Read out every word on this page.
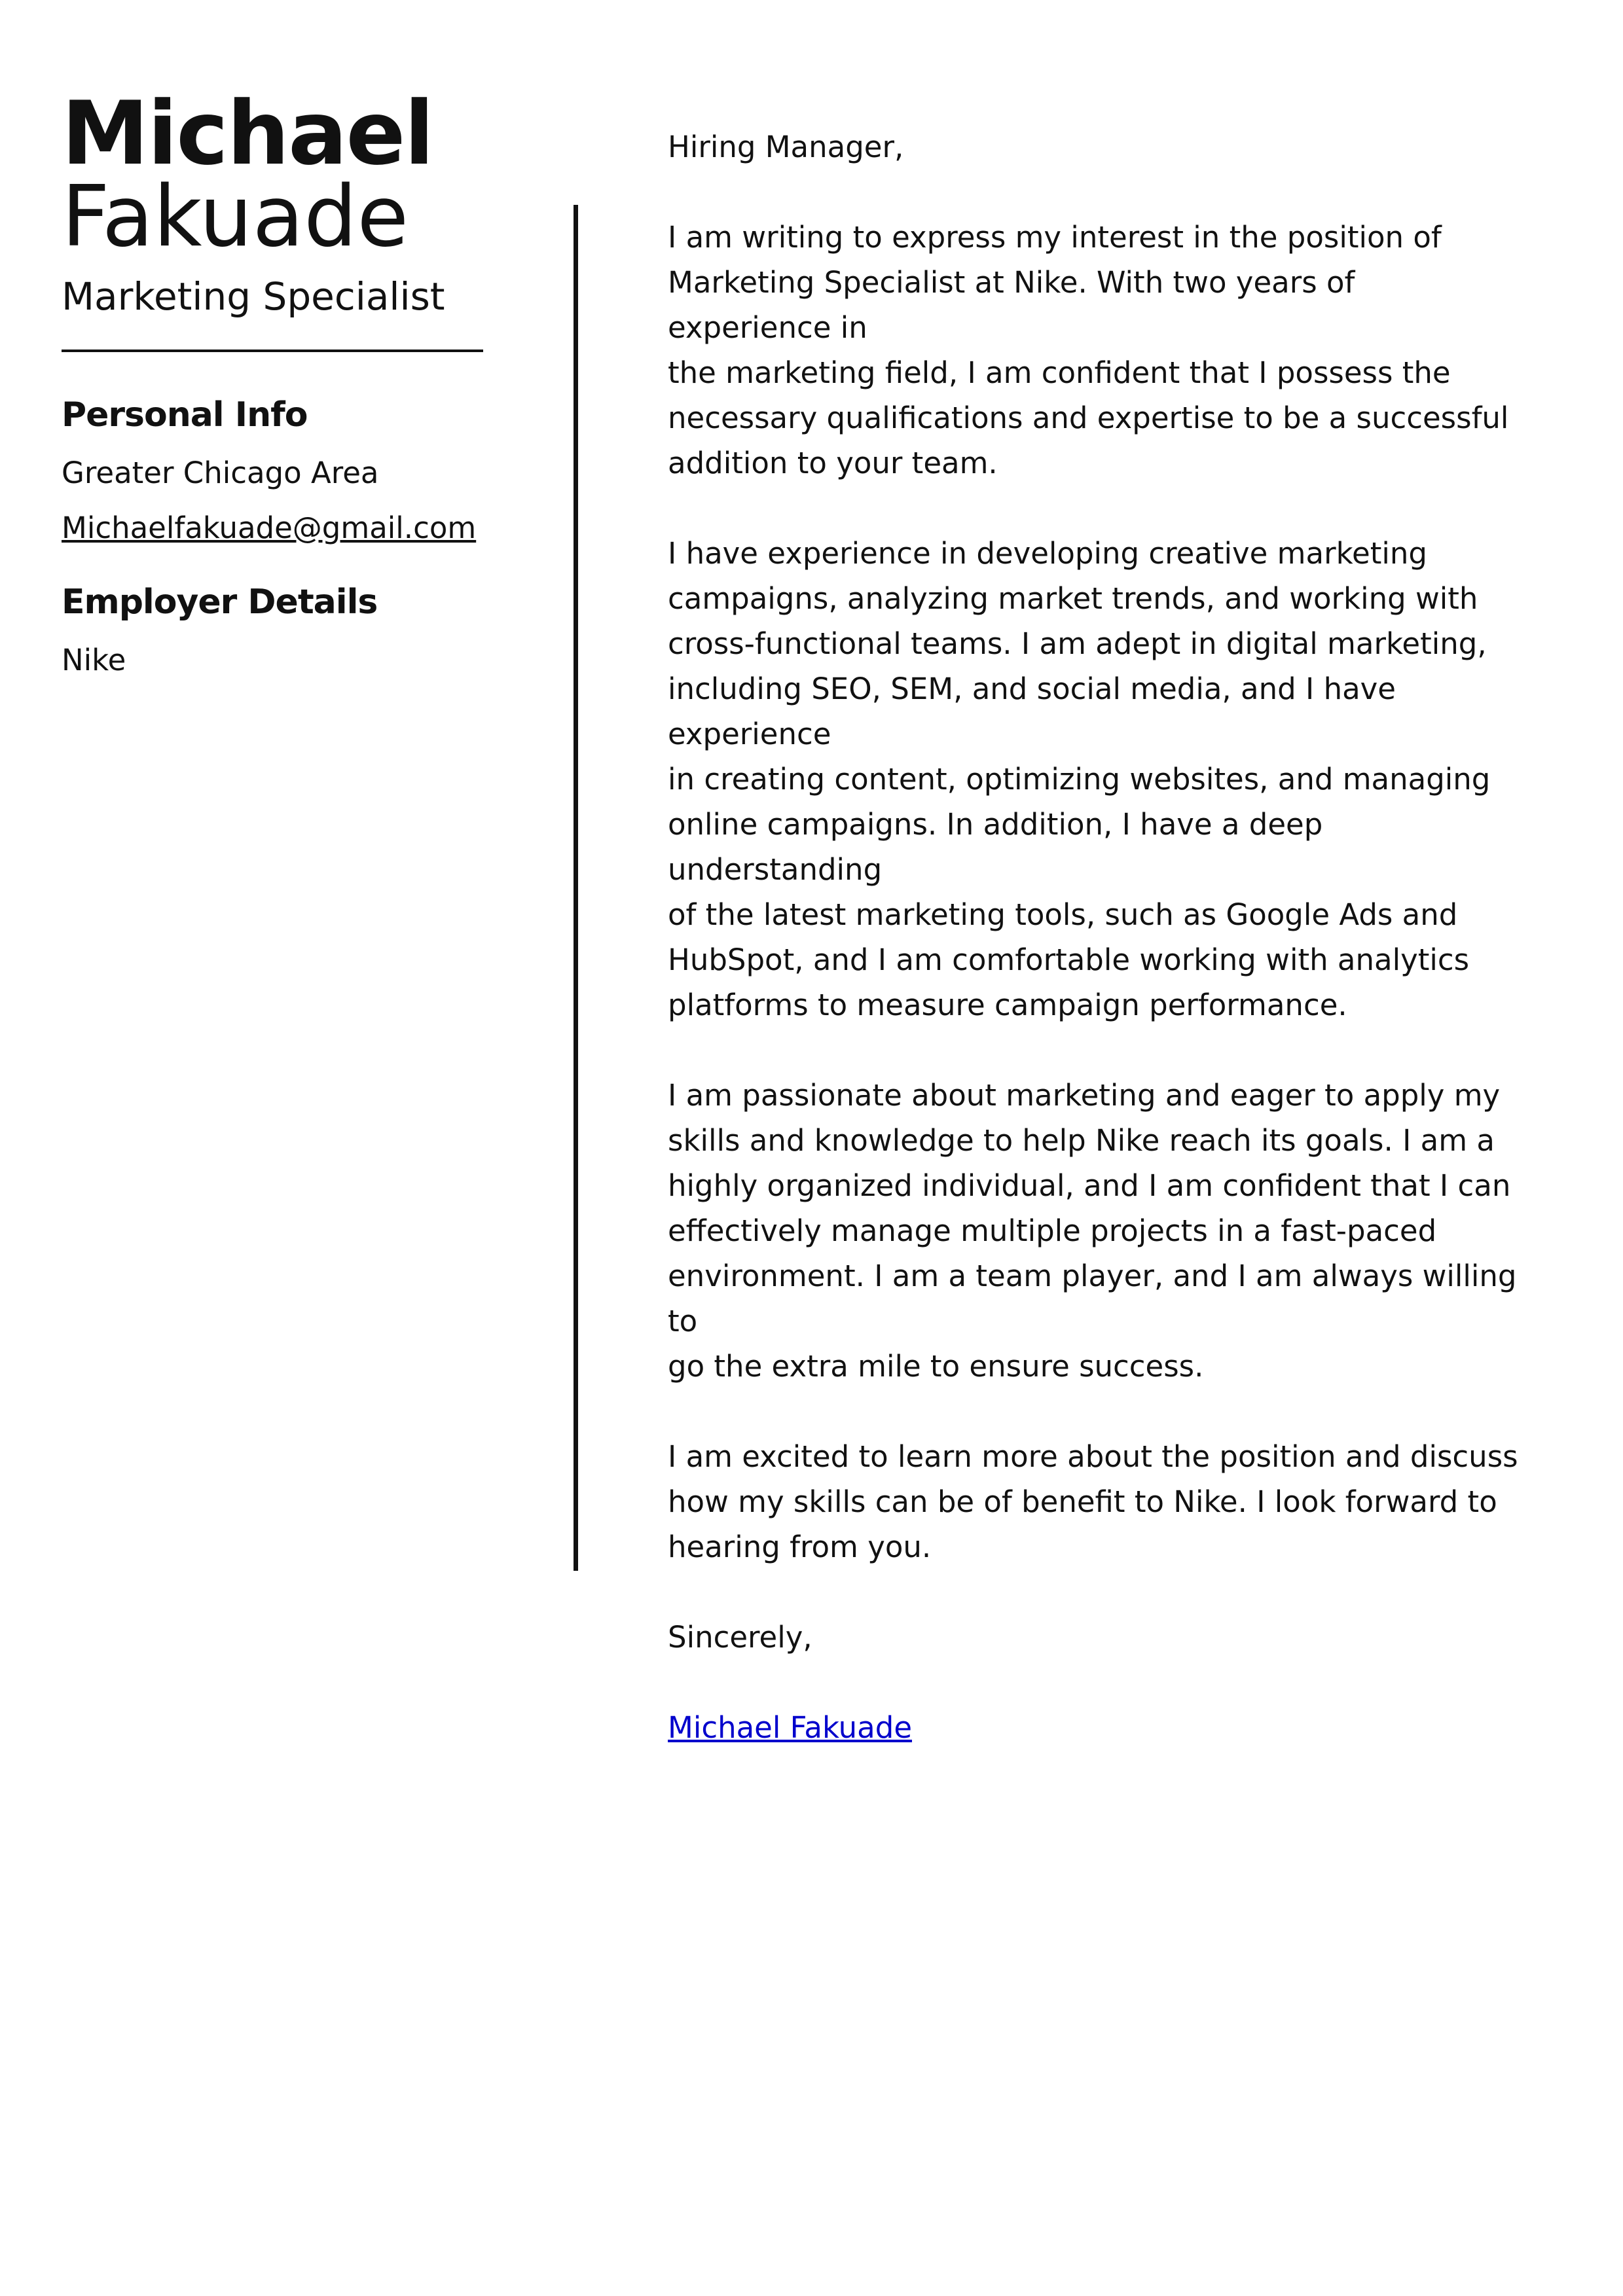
Michael
Fakuade
Marketing Specialist
Personal Info
Greater Chicago Area
Michaelfakuade@gmail.com
Employer Details
Nike

Hiring Manager,

I am writing to express my interest in the position of
Marketing Specialist at Nike. With two years of experience in
the marketing field, I am confident that I possess the
necessary qualifications and expertise to be a successful
addition to your team.

I have experience in developing creative marketing
campaigns, analyzing market trends, and working with
cross-functional teams. I am adept in digital marketing,
including SEO, SEM, and social media, and I have experience
in creating content, optimizing websites, and managing
online campaigns. In addition, I have a deep understanding
of the latest marketing tools, such as Google Ads and
HubSpot, and I am comfortable working with analytics
platforms to measure campaign performance.

I am passionate about marketing and eager to apply my
skills and knowledge to help Nike reach its goals. I am a
highly organized individual, and I am confident that I can
effectively manage multiple projects in a fast-paced
environment. I am a team player, and I am always willing to
go the extra mile to ensure success.

I am excited to learn more about the position and discuss
how my skills can be of benefit to Nike. I look forward to
hearing from you.

Sincerely,

Michael Fakuade
